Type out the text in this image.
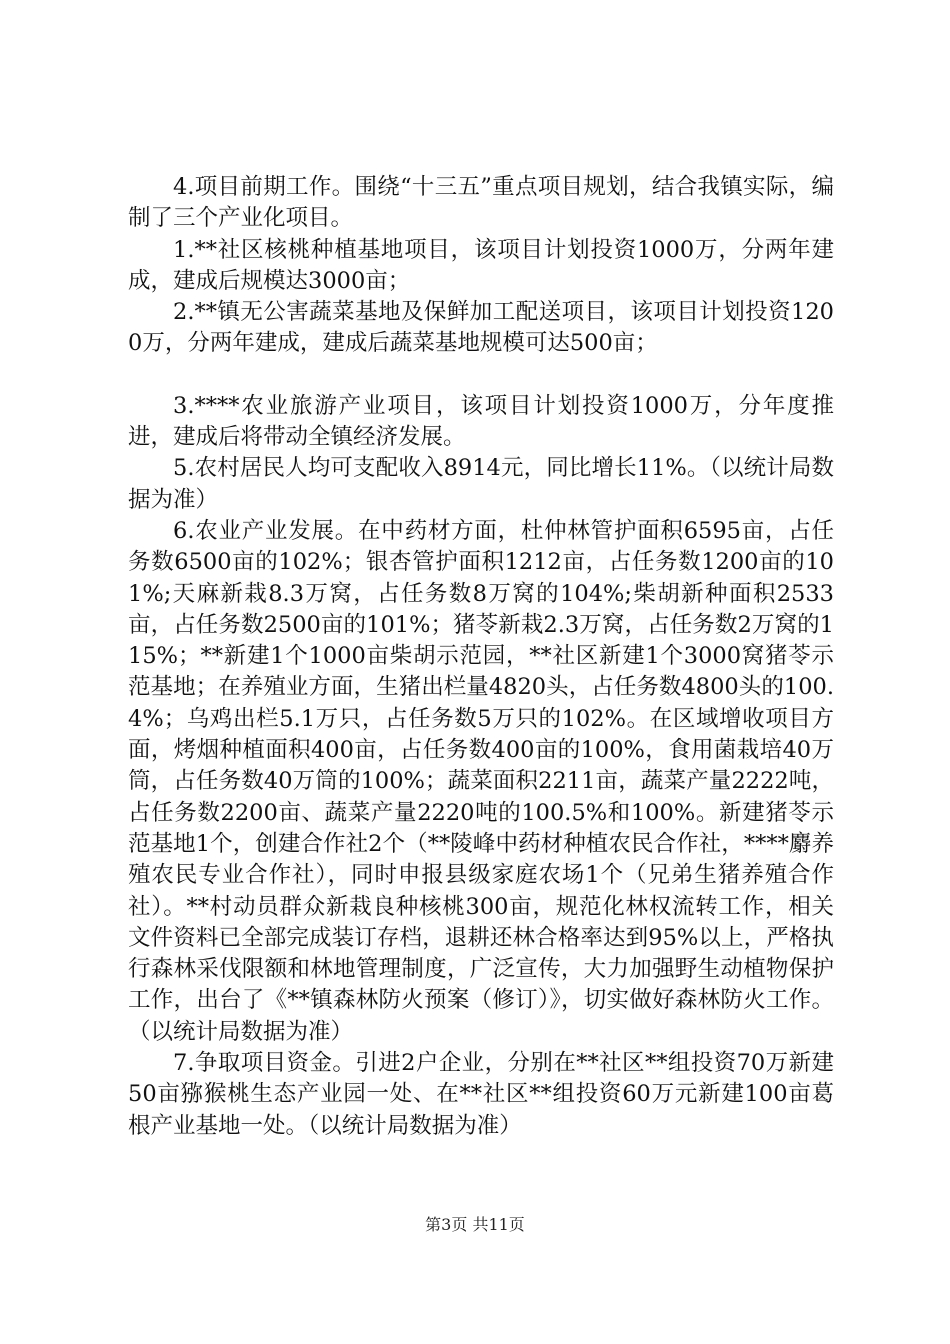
4.项目前期工作。围绕“十三五”重点项目规划，结合我镇实际，编制了三个产业化项目。

1.**社区核桃种植基地项目，该项目计划投资1000万，分两年建成，建成后规模达3000亩；

2.**镇无公害蔬菜基地及保鲜加工配送项目，该项目计划投资1200万，分两年建成，建成后蔬菜基地规模可达500亩；

3.****农业旅游产业项目，该项目计划投资1000万，分年度推进，建成后将带动全镇经济发展。

5.农村居民人均可支配收入8914元，同比增长11%。（以统计局数据为准）

6.农业产业发展。在中药材方面，杜仲林管护面积6595亩，占任务数6500亩的102%；银杏管护面积1212亩，占任务数1200亩的101%;天麻新栽8.3万窝，占任务数8万窝的104%;柴胡新种面积2533亩，占任务数2500亩的101%；猪苓新栽2.3万窝，占任务数2万窝的115%；**新建1个1000亩柴胡示范园，**社区新建1个3000窝猪苓示范基地；在养殖业方面，生猪出栏量4820头，占任务数4800头的100.4%；乌鸡出栏5.1万只，占任务数5万只的102%。在区域增收项目方面，烤烟种植面积400亩，占任务数400亩的100%，食用菌栽培40万筒，占任务数40万筒的100%；蔬菜面积2211亩，蔬菜产量2222吨，占任务数2200亩、蔬菜产量2220吨的100.5%和100%。新建猪苓示范基地1个，创建合作社2个（**陵峰中药材种植农民合作社，****麝养殖农民专业合作社），同时申报县级家庭农场1个（兄弟生猪养殖合作社）。**村动员群众新栽良种核桃300亩，规范化林权流转工作，相关文件资料已全部完成装订存档，退耕还林合格率达到95%以上，严格执行森林采伐限额和林地管理制度，广泛宣传，大力加强野生动植物保护工作，出台了《**镇森林防火预案（修订）》，切实做好森林防火工作。（以统计局数据为准）

7.争取项目资金。引进2户企业，分别在**社区**组投资70万新建50亩猕猴桃生态产业园一处、在**社区**组投资60万元新建100亩葛根产业基地一处。（以统计局数据为准）

第3页 共11页
